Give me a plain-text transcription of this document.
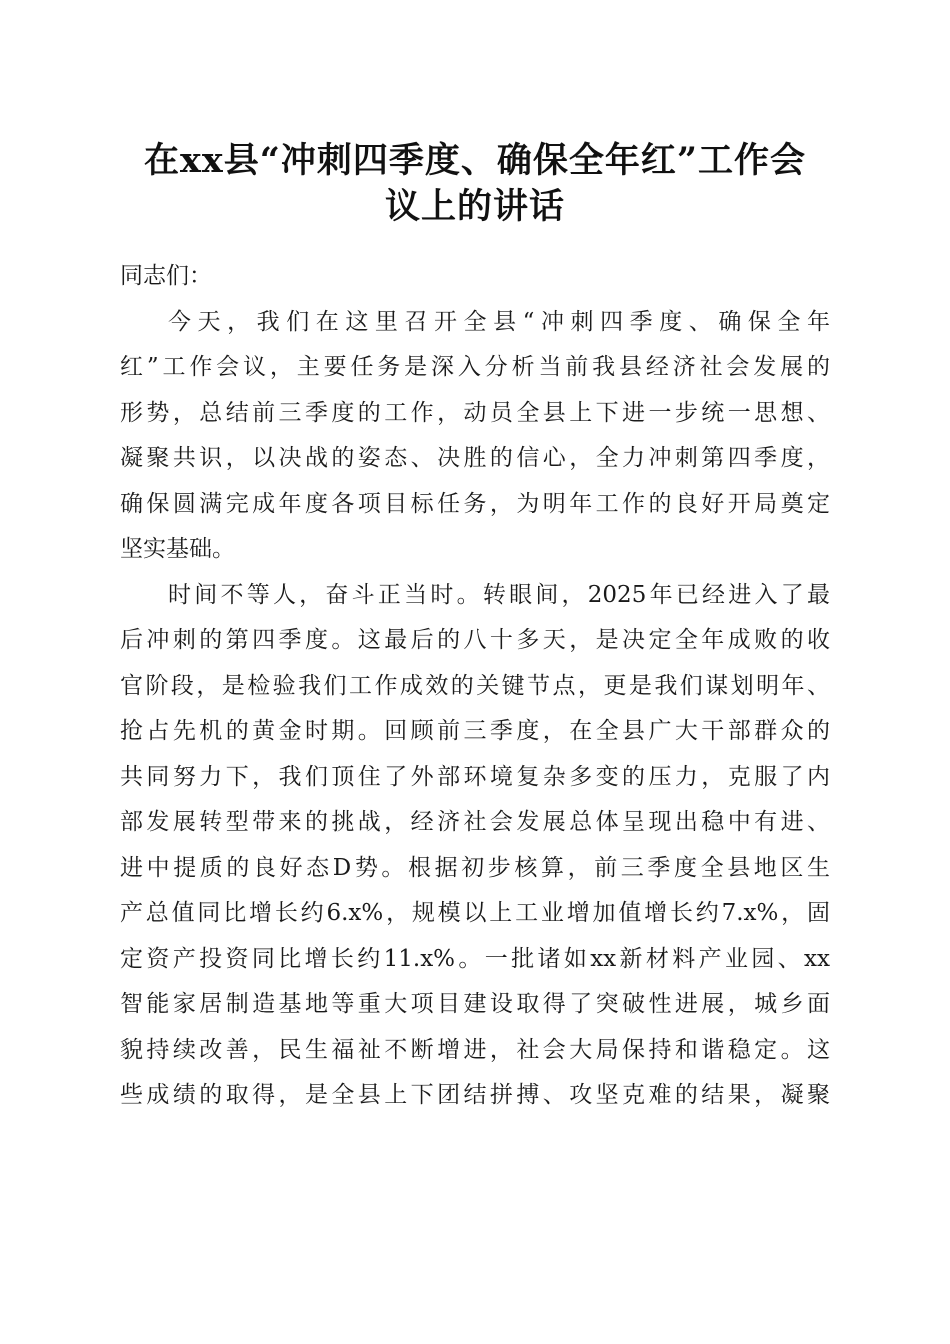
在xx县“冲刺四季度、确保全年红”工作会
议上的讲话
同志们：
今天，我们在这里召开全县“冲刺四季度、确保全年
红”工作会议，主要任务是深入分析当前我县经济社会发展的
形势，总结前三季度的工作，动员全县上下进一步统一思想、
凝聚共识，以决战的姿态、决胜的信心，全力冲刺第四季度，
确保圆满完成年度各项目标任务，为明年工作的良好开局奠定
坚实基础。
时间不等人，奋斗正当时。转眼间，2025年已经进入了最
后冲刺的第四季度。这最后的八十多天，是决定全年成败的收
官阶段，是检验我们工作成效的关键节点，更是我们谋划明年、
抢占先机的黄金时期。回顾前三季度，在全县广大干部群众的
共同努力下，我们顶住了外部环境复杂多变的压力，克服了内
部发展转型带来的挑战，经济社会发展总体呈现出稳中有进、
进中提质的良好态D势。根据初步核算，前三季度全县地区生
产总值同比增长约6.x%，规模以上工业增加值增长约7.x%，固
定资产投资同比增长约11.x%。一批诸如xx新材料产业园、xx
智能家居制造基地等重大项目建设取得了突破性进展，城乡面
貌持续改善，民生福祉不断增进，社会大局保持和谐稳定。这
些成绩的取得，是全县上下团结拼搏、攻坚克难的结果，凝聚
